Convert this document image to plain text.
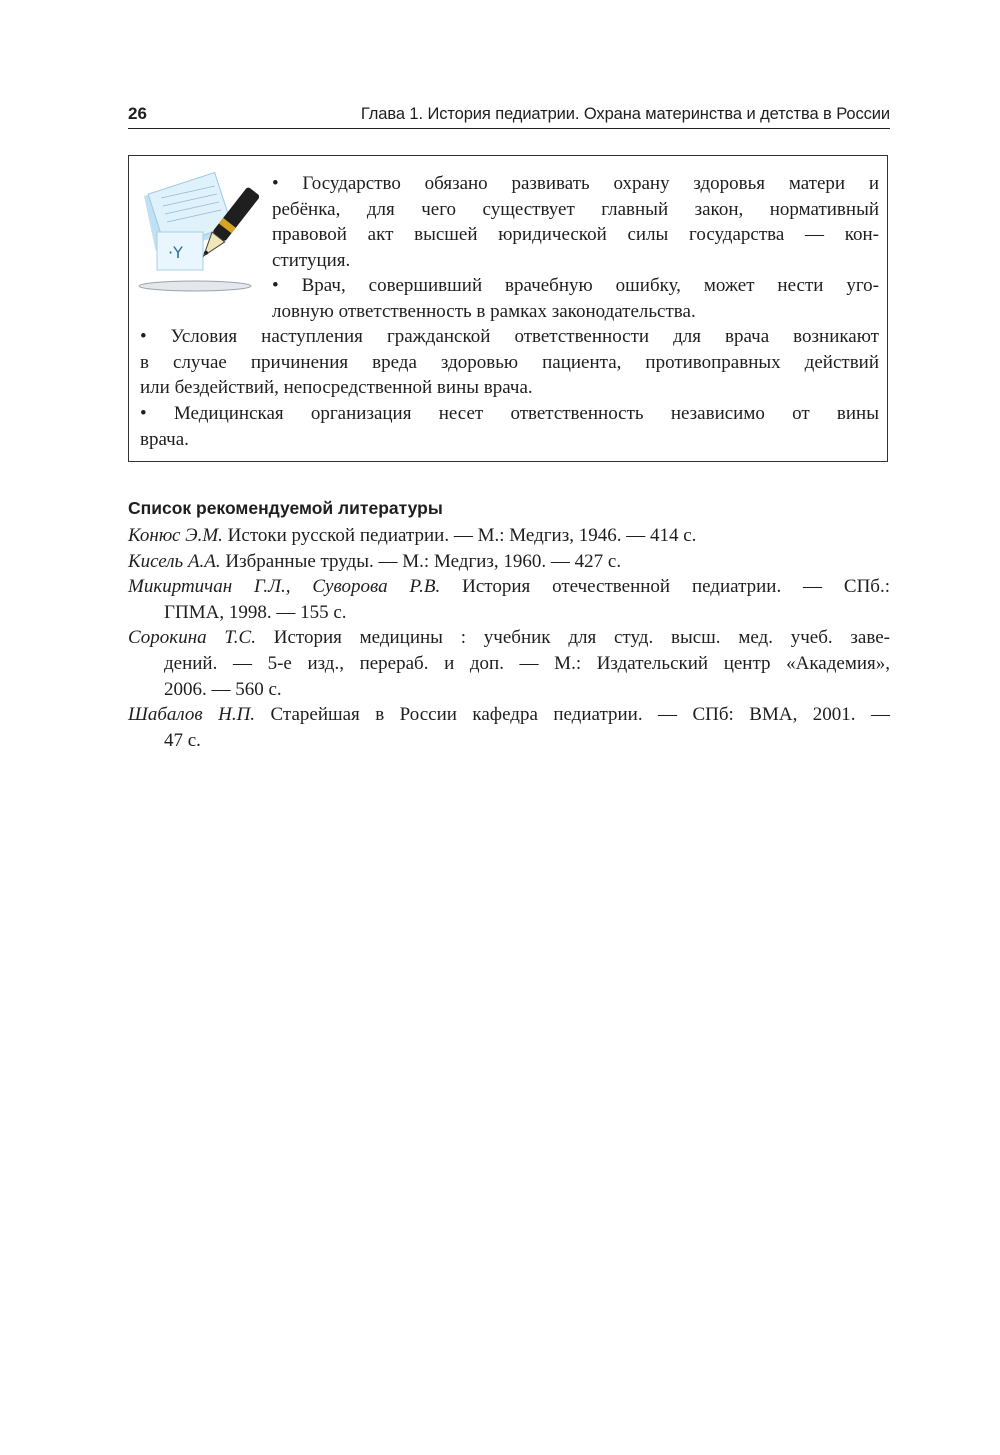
26	Глава 1. История педиатрии. Охрана материнства и детства в России
·Y
• Государство обязано развивать охрану здоровья матери и
ребёнка, для чего существует главный закон, нормативный
правовой акт высшей юридической силы государства — кон-
ституция.
• Врач, совершивший врачебную ошибку, может нести уго-
ловную ответственность в рамках законодательства.
• Условия наступления гражданской ответственности для врача возникают
в случае причинения вреда здоровью пациента, противоправных действий
или бездействий, непосредственной вины врача.
• Медицинская организация несет ответственность независимо от вины
врача.
Список рекомендуемой литературы
Конюс Э.М. Истоки русской педиатрии. — М.: Медгиз, 1946. — 414 с.
Кисель А.А. Избранные труды. — М.: Медгиз, 1960. — 427 с.
Микиртичан Г.Л., Суворова Р.В. История отечественной педиатрии. — СПб.:
ГПМА, 1998. — 155 с.
Сорокина Т.С. История медицины : учебник для студ. высш. мед. учеб. заве-
дений. — 5-е изд., перераб. и доп. — М.: Издательский центр «Академия»,
2006. — 560 с.
Шабалов Н.П. Старейшая в России кафедра педиатрии. — СПб: ВМА, 2001. —
47 с.
